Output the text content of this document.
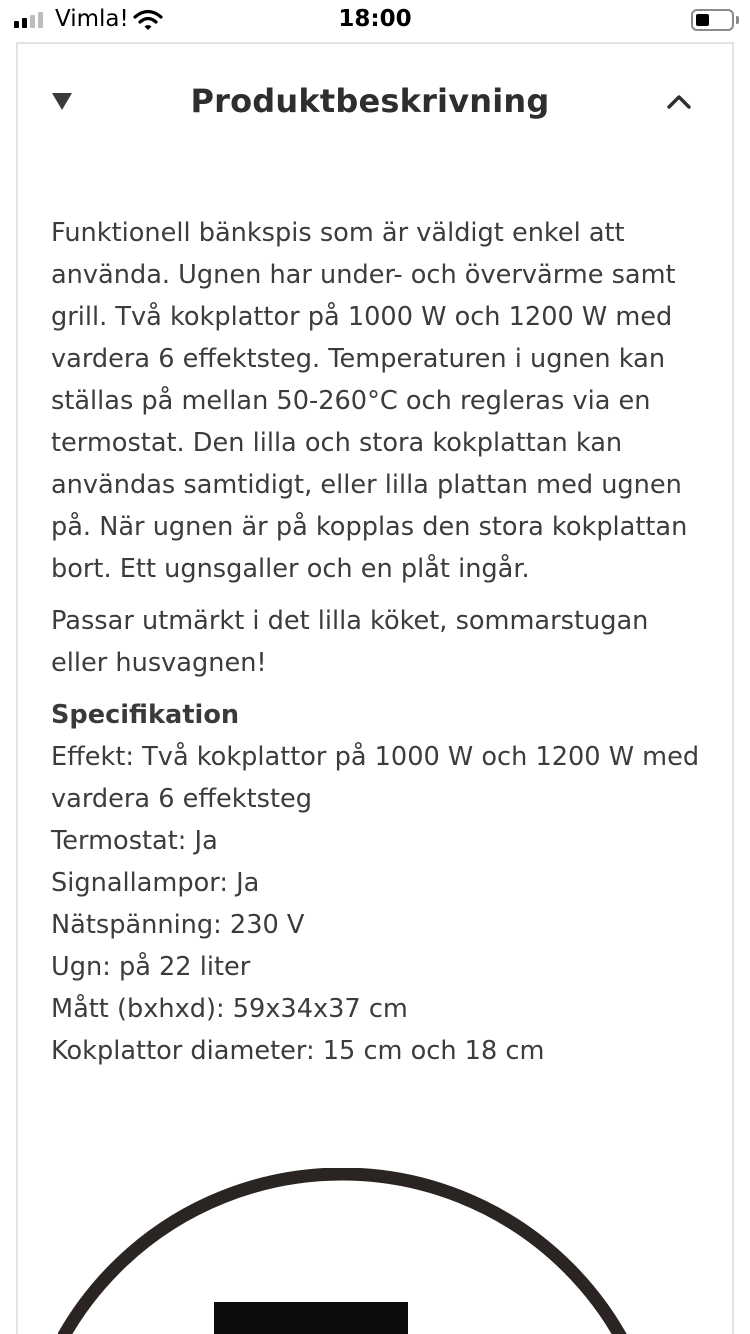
Vimla!	18:00
Produktbeskrivning

Funktionell bänkspis som är väldigt enkel att använda. Ugnen har under- och övervärme samt grill. Två kokplattor på 1000 W och 1200 W med vardera 6 effektsteg. Temperaturen i ugnen kan ställas på mellan 50-260°C och regleras via en termostat. Den lilla och stora kokplattan kan användas samtidigt, eller lilla plattan med ugnen på. När ugnen är på kopplas den stora kokplattan bort. Ett ugnsgaller och en plåt ingår.

Passar utmärkt i det lilla köket, sommarstugan eller husvagnen!

Specifikation
Effekt: Två kokplattor på 1000 W och 1200 W med vardera 6 effektsteg
Termostat: Ja
Signallampor: Ja
Nätspänning: 230 V
Ugn: på 22 liter
Mått (bxhxd): 59x34x37 cm
Kokplattor diameter: 15 cm och 18 cm
